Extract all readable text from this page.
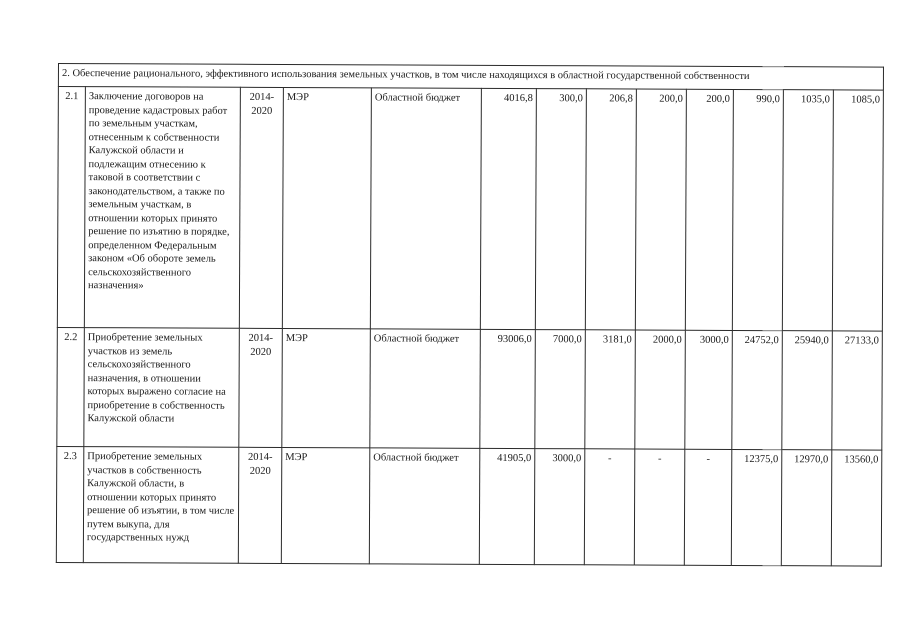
2. Обеспечение рационального, эффективного использования земельных участков, в том числе находящихся в областной государственной собственности												
2.1	Заключение договоров на проведение кадастровых работ по земельным участкам, отнесенным к собственности Калужской области и подлежащим отнесению к таковой в соответствии с законодательством, а также по земельным участкам, в отношении которых принято решение по изъятию в порядке, определенном Федеральным законом «Об обороте земель сельскохозяйственного назначения»	2014-2020	МЭР	Областной бюджет	4016,8	300,0	206,8	200,0	200,0	990,0	1035,0	1085,0
2.2	Приобретение земельных участков из земель сельскохозяйственного назначения, в отношении которых выражено согласие на приобретение в собственность Калужской области	2014-2020	МЭР	Областной бюджет	93006,0	7000,0	3181,0	2000,0	3000,0	24752,0	25940,0	27133,0
2.3	Приобретение земельных участков в собственность Калужской области, в отношении которых принято решение об изъятии, в том числе путем выкупа, для государственных нужд	2014-2020	МЭР	Областной бюджет	41905,0	3000,0	-	-	-	12375,0	12970,0	13560,0
